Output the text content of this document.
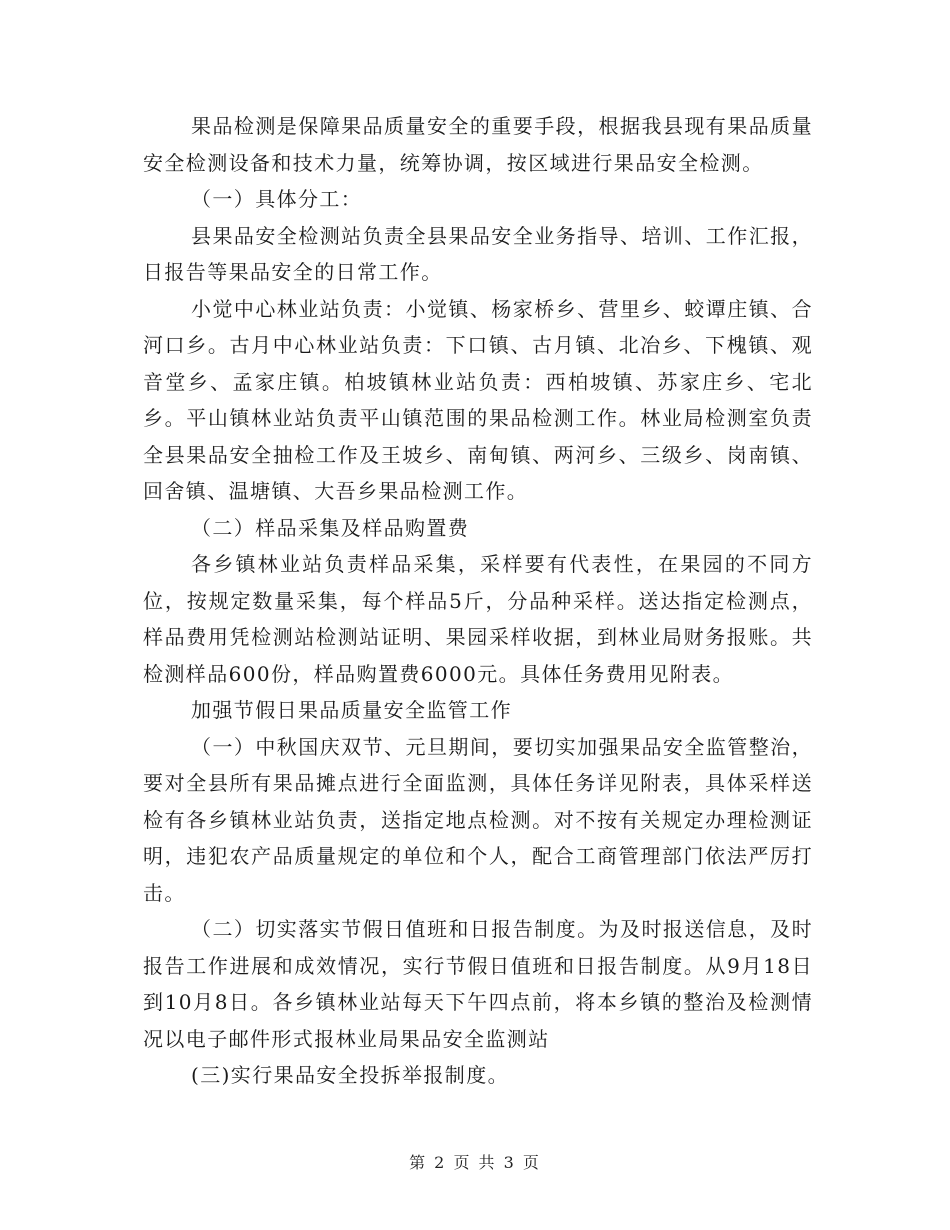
果品检测是保障果品质量安全的重要手段，根据我县现有果品质量安全检测设备和技术力量，统筹协调，按区域进行果品安全检测。

（一）具体分工：

县果品安全检测站负责全县果品安全业务指导、培训、工作汇报，日报告等果品安全的日常工作。

小觉中心林业站负责：小觉镇、杨家桥乡、营里乡、蛟谭庄镇、合河口乡。古月中心林业站负责：下口镇、古月镇、北冶乡、下槐镇、观音堂乡、孟家庄镇。柏坡镇林业站负责：西柏坡镇、苏家庄乡、宅北乡。平山镇林业站负责平山镇范围的果品检测工作。林业局检测室负责全县果品安全抽检工作及王坡乡、南甸镇、两河乡、三级乡、岗南镇、回舍镇、温塘镇、大吾乡果品检测工作。

（二）样品采集及样品购置费

各乡镇林业站负责样品采集，采样要有代表性，在果园的不同方位，按规定数量采集，每个样品5斤，分品种采样。送达指定检测点，样品费用凭检测站检测站证明、果园采样收据，到林业局财务报账。共检测样品600份，样品购置费6000元。具体任务费用见附表。

加强节假日果品质量安全监管工作

（一）中秋国庆双节、元旦期间，要切实加强果品安全监管整治，要对全县所有果品摊点进行全面监测，具体任务详见附表，具体采样送检有各乡镇林业站负责，送指定地点检测。对不按有关规定办理检测证明，违犯农产品质量规定的单位和个人，配合工商管理部门依法严厉打击。

（二）切实落实节假日值班和日报告制度。为及时报送信息，及时报告工作进展和成效情况，实行节假日值班和日报告制度。从9月18日到10月8日。各乡镇林业站每天下午四点前，将本乡镇的整治及检测情况以电子邮件形式报林业局果品安全监测站

(三)实行果品安全投拆举报制度。

第 2 页 共 3 页
